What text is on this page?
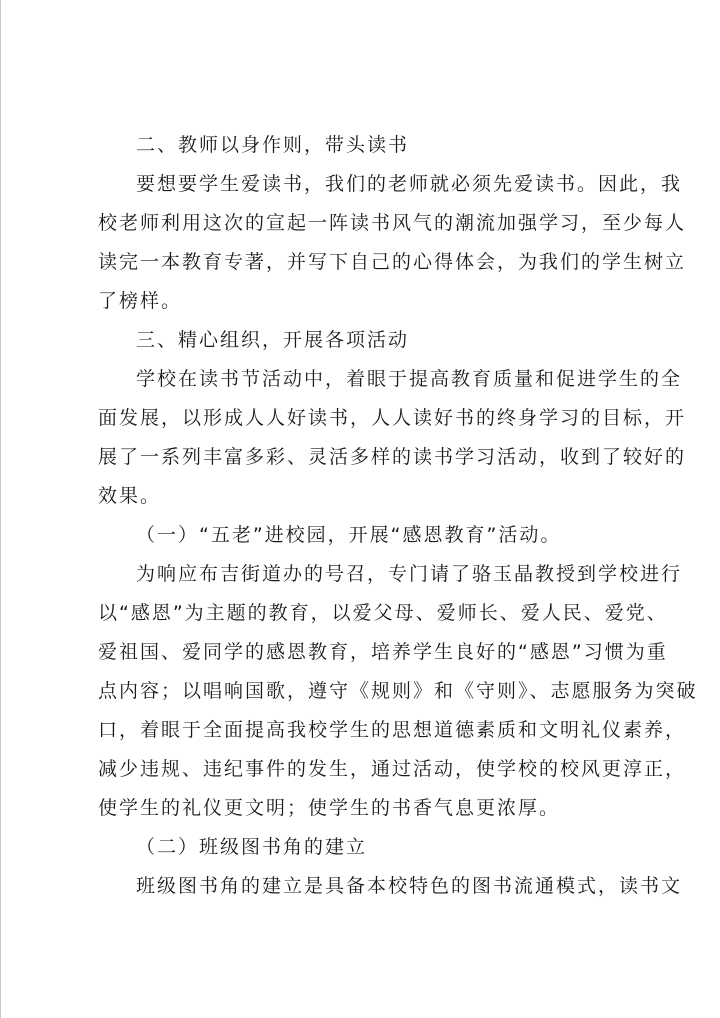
二、教师以身作则，带头读书
要想要学生爱读书，我们的老师就必须先爱读书。因此，我
校老师利用这次的宣起一阵读书风气的潮流加强学习，至少每人
读完一本教育专著，并写下自己的心得体会，为我们的学生树立
了榜样。
三、精心组织，开展各项活动
学校在读书节活动中，着眼于提高教育质量和促进学生的全
面发展，以形成人人好读书，人人读好书的终身学习的目标，开
展了一系列丰富多彩、灵活多样的读书学习活动，收到了较好的
效果。
（一）“五老”进校园，开展“感恩教育”活动。
为响应布吉街道办的号召，专门请了骆玉晶教授到学校进行
以“感恩”为主题的教育，以爱父母、爱师长、爱人民、爱党、
爱祖国、爱同学的感恩教育，培养学生良好的“感恩”习惯为重
点内容；以唱响国歌，遵守《规则》和《守则》、志愿服务为突破
口，着眼于全面提高我校学生的思想道德素质和文明礼仪素养，
减少违规、违纪事件的发生，通过活动，使学校的校风更淳正，
使学生的礼仪更文明；使学生的书香气息更浓厚。
（二）班级图书角的建立
班级图书角的建立是具备本校特色的图书流通模式，读书文
